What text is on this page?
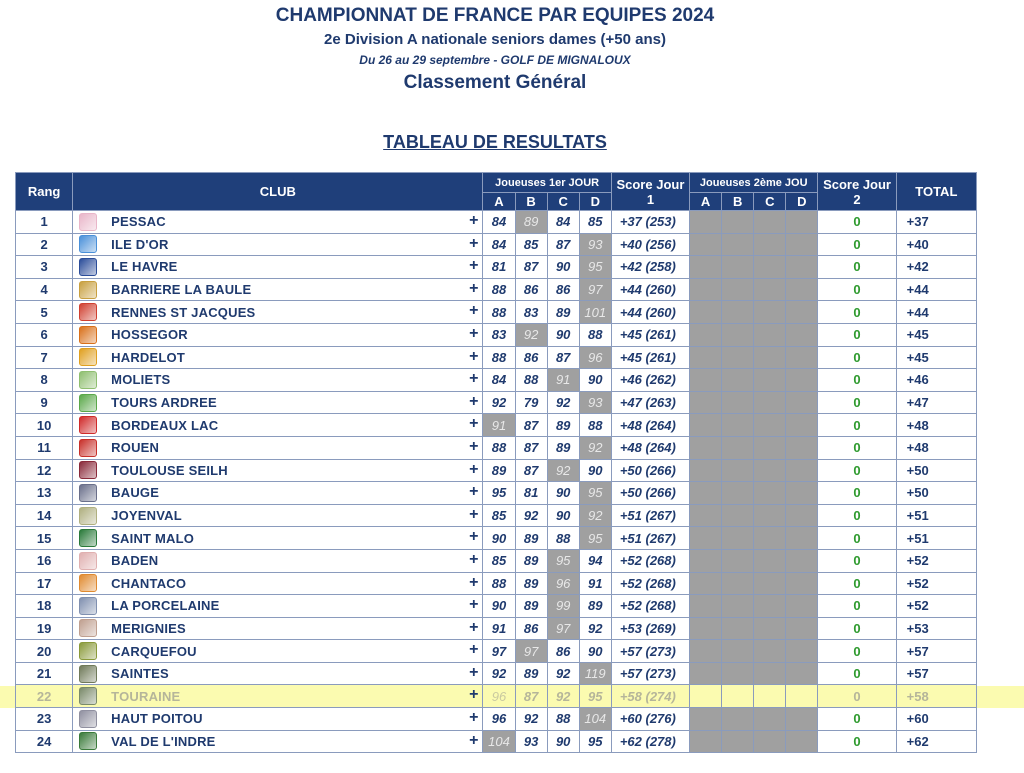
CHAMPIONNAT DE FRANCE PAR EQUIPES 2024
2e Division A nationale seniors dames (+50 ans)
Du 26 au 29 septembre - GOLF DE MIGNALOUX
Classement Général
TABLEAU DE RESULTATS
Rang	CLUB	Joueuses 1er JOUR				Score Jour 1	Joueuses 2ème JOU				Score Jour 2	TOTAL
		A	B	C	D		A	B	C	D		
1	PESSAC +	84	89	84	85	+37 (253)					0	+37
2	ILE D'OR +	84	85	87	93	+40 (256)					0	+40
3	LE HAVRE +	81	87	90	95	+42 (258)					0	+42
4	BARRIERE LA BAULE +	88	86	86	97	+44 (260)					0	+44
5	RENNES ST JACQUES +	88	83	89	101	+44 (260)					0	+44
6	HOSSEGOR +	83	92	90	88	+45 (261)					0	+45
7	HARDELOT +	88	86	87	96	+45 (261)					0	+45
8	MOLIETS +	84	88	91	90	+46 (262)					0	+46
9	TOURS ARDREE +	92	79	92	93	+47 (263)					0	+47
10	BORDEAUX LAC +	91	87	89	88	+48 (264)					0	+48
11	ROUEN +	88	87	89	92	+48 (264)					0	+48
12	TOULOUSE SEILH +	89	87	92	90	+50 (266)					0	+50
13	BAUGE +	95	81	90	95	+50 (266)					0	+50
14	JOYENVAL +	85	92	90	92	+51 (267)					0	+51
15	SAINT MALO +	90	89	88	95	+51 (267)					0	+51
16	BADEN +	85	89	95	94	+52 (268)					0	+52
17	CHANTACO +	88	89	96	91	+52 (268)					0	+52
18	LA PORCELAINE +	90	89	99	89	+52 (268)					0	+52
19	MERIGNIES +	91	86	97	92	+53 (269)					0	+53
20	CARQUEFOU +	97	97	86	90	+57 (273)					0	+57
21	SAINTES +	92	89	92	119	+57 (273)					0	+57
22	TOURAINE +	96	87	92	95	+58 (274)					0	+58
23	HAUT POITOU +	96	92	88	104	+60 (276)					0	+60
24	VAL DE L'INDRE +	104	93	90	95	+62 (278)					0	+62
